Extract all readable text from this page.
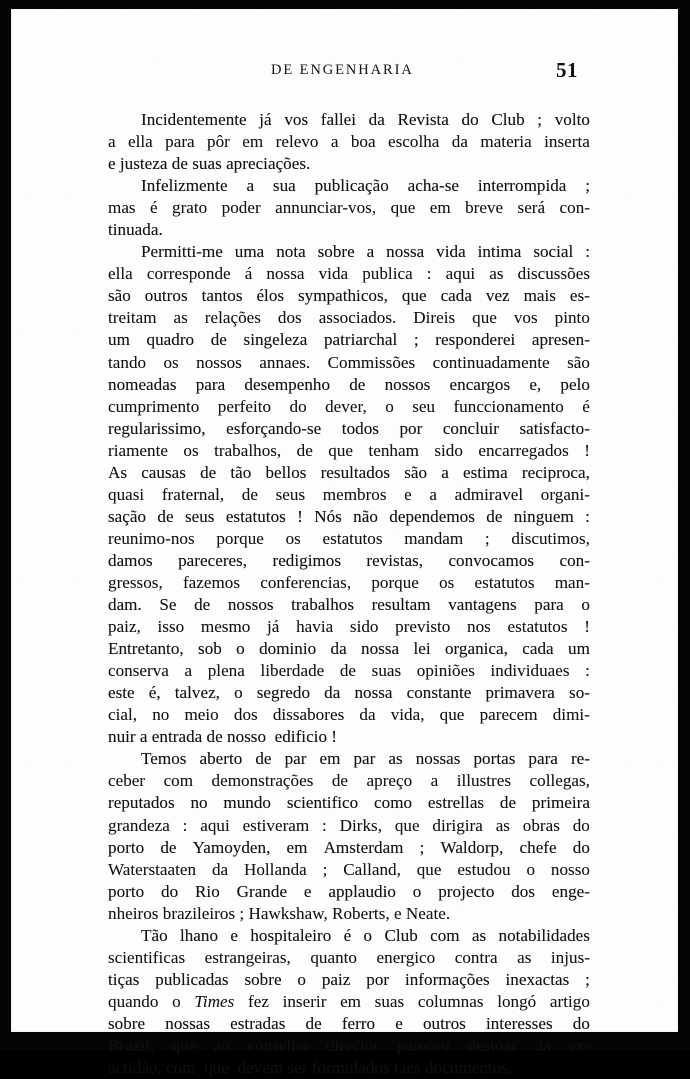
DE ENGENHARIA	51
Incidentemente já vos fallei da Revista do Club ; volto
a ella para pôr em relevo a boa escolha da materia inserta
e justeza de suas apreciações.
Infelizmente a sua publicação acha-se interrompida ;
mas é grato poder annunciar-vos, que em breve será con-
tinuada.
Permitti-me uma nota sobre a nossa vida intima social :
ella corresponde á nossa vida publica : aqui as discussões
são outros tantos élos sympathicos, que cada vez mais es-
treitam as relações dos associados. Direis que vos pinto
um quadro de singeleza patriarchal ; responderei apresen-
tando os nossos annaes. Commissões continuadamente são
nomeadas para desempenho de nossos encargos e, pelo
cumprimento perfeito do dever, o seu funccionamento é
regularissimo, esforçando-se todos por concluir satisfacto-
riamente os trabalhos, de que tenham sido encarregados !
As causas de tão bellos resultados são a estima reciproca,
quasi fraternal, de seus membros e a admiravel organi-
sação de seus estatutos ! Nós não dependemos de ninguem :
reunimo-nos porque os estatutos mandam ; discutimos,
damos pareceres, redigimos revistas, convocamos con-
gressos, fazemos conferencias, porque os estatutos man-
dam. Se de nossos trabalhos resultam vantagens para o
paiz, isso mesmo já havia sido previsto nos estatutos !
Entretanto, sob o dominio da nossa lei organica, cada um
conserva a plena liberdade de suas opiniões individuaes :
este é, talvez, o segredo da nossa constante primavera so-
cial, no meio dos dissabores da vida, que parecem dimi-
nuir a entrada de nosso  edificio !
Temos aberto de par em par as nossas portas para re-
ceber com demonstrações de apreço a illustres collegas,
reputados no mundo scientifico como estrellas de primeira
grandeza : aqui estiveram : Dirks, que dirigira as obras do
porto de Yamoyden, em Amsterdam ; Waldorp, chefe do
Waterstaaten da Hollanda ; Calland, que estudou o nosso
porto do Rio Grande e applaudio o projecto dos enge-
nheiros brazileiros ; Hawkshaw, Roberts, e Neate.
Tão lhano e hospitaleiro é o Club com as notabilidades
scientificas estrangeiras, quanto energico contra as injus-
tiças publicadas sobre o paiz por informações inexactas ;
quando o Times fez inserir em suas columnas longó artigo
sobre nossas estradas de ferro e outros interesses do
Brazil, que ao conselho director pareceu destoar da ex-
actidão, com  que  devem ser formulados taes documentos,
